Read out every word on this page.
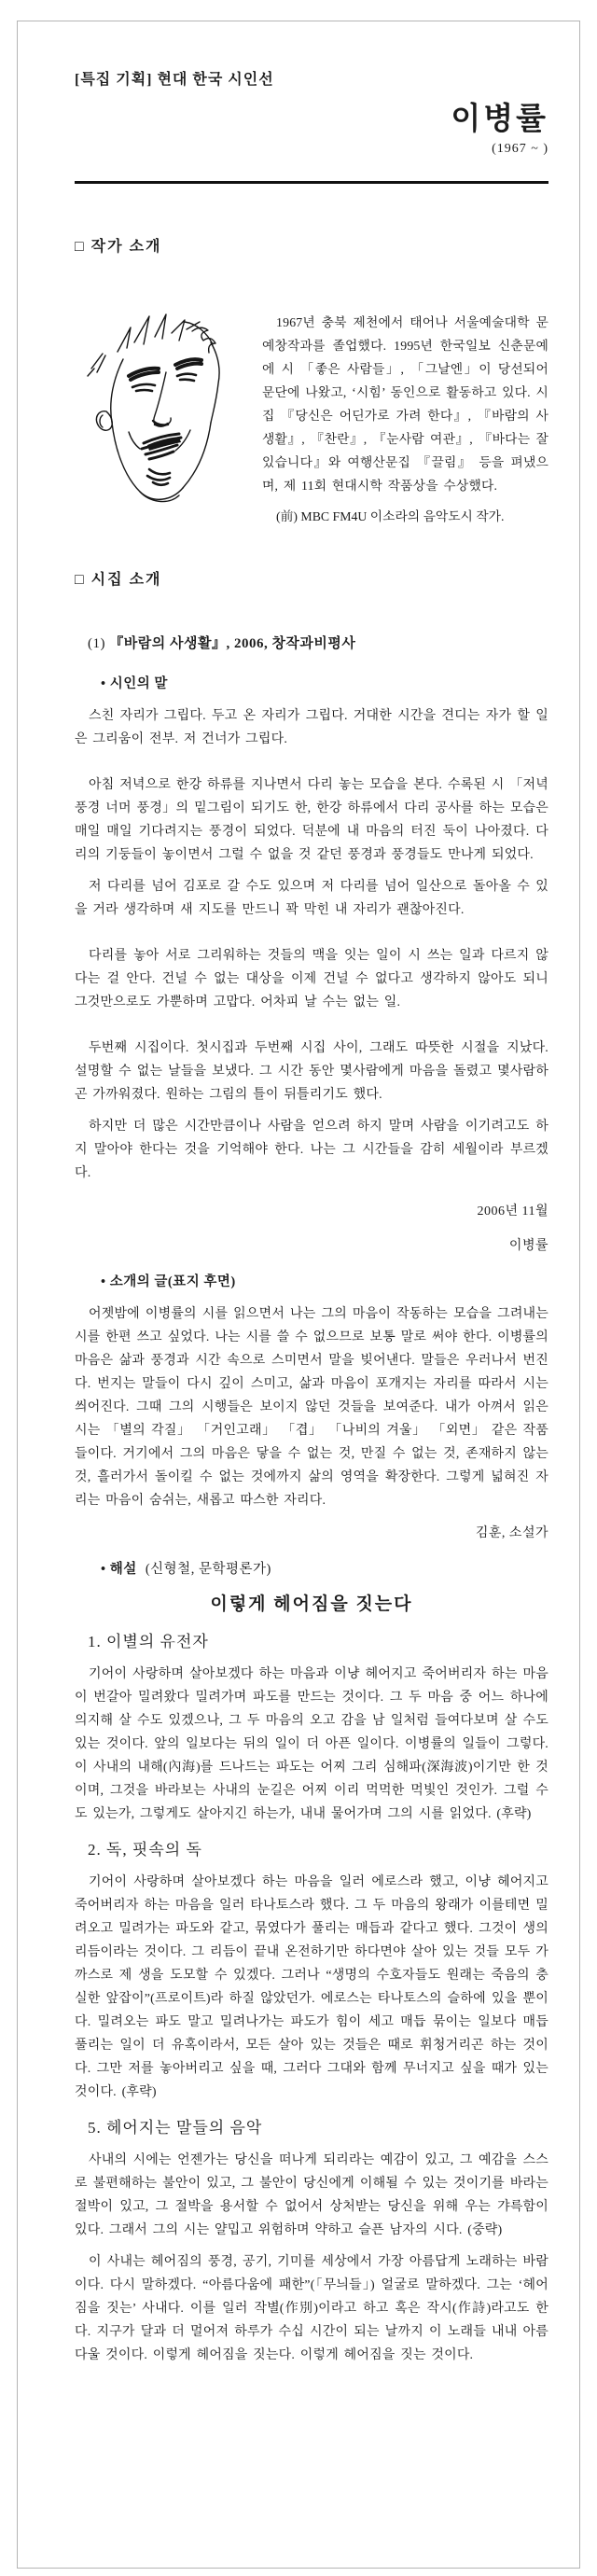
[특집 기획] 현대 한국 시인선
이병률
(1967 ~ )
□ 작가 소개

1967년 충북 제천에서 태어나 서울예술대학 문예창작과를 졸업했다. 1995년 한국일보 신춘문예에 시 「좋은 사람들」, 「그날엔」이 당선되어 문단에 나왔고, ‘시힘’ 동인으로 활동하고 있다. 시집 『당신은 어딘가로 가려 한다』, 『바람의 사생활』, 『찬란』, 『눈사람 여관』, 『바다는 잘 있습니다』와 여행산문집 『끌림』 등을 펴냈으며, 제 11회 현대시학 작품상을 수상했다.

(前) MBC FM4U 이소라의 음악도시 작가.
□ 시집 소개
(1) 『바람의 사생활』, 2006, 창작과비평사
• 시인의 말

스친 자리가 그립다. 두고 온 자리가 그립다. 거대한 시간을 견디는 자가 할 일은 그리움이 전부. 저 건너가 그립다.

아침 저녁으로 한강 하류를 지나면서 다리 놓는 모습을 본다. 수록된 시 「저녁 풍경 너머 풍경」의 밑그림이 되기도 한, 한강 하류에서 다리 공사를 하는 모습은 매일 매일 기다려지는 풍경이 되었다. 덕분에 내 마음의 터진 둑이 나아졌다. 다리의 기둥들이 놓이면서 그럴 수 없을 것 같던 풍경과 풍경들도 만나게 되었다.

저 다리를 넘어 김포로 갈 수도 있으며 저 다리를 넘어 일산으로 돌아올 수 있을 거라 생각하며 새 지도를 만드니 꽉 막힌 내 자리가 괜찮아진다.

다리를 놓아 서로 그리워하는 것들의 맥을 잇는 일이 시 쓰는 일과 다르지 않다는 걸 안다. 건널 수 없는 대상을 이제 건널 수 없다고 생각하지 않아도 되니 그것만으로도 가뿐하며 고맙다. 어차피 날 수는 없는 일.

두번째 시집이다. 첫시집과 두번째 시집 사이, 그래도 따뜻한 시절을 지났다. 설명할 수 없는 날들을 보냈다. 그 시간 동안 몇사람에게 마음을 돌렸고 몇사람하곤 가까워졌다. 원하는 그림의 틀이 뒤틀리기도 했다.

하지만 더 많은 시간만큼이나 사람을 얻으려 하지 말며 사람을 이기려고도 하지 말아야 한다는 것을 기억해야 한다. 나는 그 시간들을 감히 세월이라 부르겠다.

2006년 11월
이병률
• 소개의 글(표지 후면)

어젯밤에 이병률의 시를 읽으면서 나는 그의 마음이 작동하는 모습을 그려내는 시를 한편 쓰고 싶었다. 나는 시를 쓸 수 없으므로 보통 말로 써야 한다. 이병률의 마음은 삶과 풍경과 시간 속으로 스미면서 말을 빚어낸다. 말들은 우러나서 번진다. 번지는 말들이 다시 깊이 스미고, 삶과 마음이 포개지는 자리를 따라서 시는 씌어진다. 그때 그의 시행들은 보이지 않던 것들을 보여준다. 내가 아껴서 읽은 시는 「별의 각질」 「거인고래」 「겹」 「나비의 겨울」 「외면」 같은 작품들이다. 거기에서 그의 마음은 닿을 수 없는 것, 만질 수 없는 것, 존재하지 않는 것, 흘러가서 돌이킬 수 없는 것에까지 삶의 영역을 확장한다. 그렇게 넓혀진 자리는 마음이 숨쉬는, 새롭고 따스한 자리다.

김훈, 소설가
• 해설 (신형철, 문학평론가)
이렇게 헤어짐을 짓는다
1. 이별의 유전자

기어이 사랑하며 살아보겠다 하는 마음과 이냥 헤어지고 죽어버리자 하는 마음이 번갈아 밀려왔다 밀려가며 파도를 만드는 것이다. 그 두 마음 중 어느 하나에 의지해 살 수도 있겠으나, 그 두 마음의 오고 감을 남 일처럼 들여다보며 살 수도 있는 것이다. 앞의 일보다는 뒤의 일이 더 아픈 일이다. 이병률의 일들이 그렇다. 이 사내의 내해(內海)를 드나드는 파도는 어찌 그리 심해파(深海波)이기만 한 것이며, 그것을 바라보는 사내의 눈길은 어찌 이리 먹먹한 먹빛인 것인가. 그럴 수도 있는가, 그렇게도 살아지긴 하는가, 내내 물어가며 그의 시를 읽었다. (후략)

2. 독, 핏속의 독

기어이 사랑하며 살아보겠다 하는 마음을 일러 에로스라 했고, 이냥 헤어지고 죽어버리자 하는 마음을 일러 타나토스라 했다. 그 두 마음의 왕래가 이를테면 밀려오고 밀려가는 파도와 같고, 묶였다가 풀리는 매듭과 같다고 했다. 그것이 생의 리듬이라는 것이다. 그 리듬이 끝내 온전하기만 하다면야 살아 있는 것들 모두 가까스로 제 생을 도모할 수 있겠다. 그러나 “생명의 수호자들도 원래는 죽음의 충실한 앞잡이”(프로이트)라 하질 않았던가. 에로스는 타나토스의 슬하에 있을 뿐이다. 밀려오는 파도 말고 밀려나가는 파도가 힘이 세고 매듭 묶이는 일보다 매듭 풀리는 일이 더 유혹이라서, 모든 살아 있는 것들은 때로 휘청거리곤 하는 것이다. 그만 저를 놓아버리고 싶을 때, 그러다 그대와 함께 무너지고 싶을 때가 있는 것이다. (후략)

5. 헤어지는 말들의 음악

사내의 시에는 언젠가는 당신을 떠나게 되리라는 예감이 있고, 그 예감을 스스로 불편해하는 불안이 있고, 그 불안이 당신에게 이해될 수 있는 것이기를 바라는 절박이 있고, 그 절박을 용서할 수 없어서 상처받는 당신을 위해 우는 갸륵함이 있다. 그래서 그의 시는 얄밉고 위험하며 약하고 슬픈 남자의 시다. (중략)

이 사내는 헤어짐의 풍경, 공기, 기미를 세상에서 가장 아름답게 노래하는 바람이다. 다시 말하겠다. “아름다움에 패한”(「무늬들」) 얼굴로 말하겠다. 그는 ‘헤어짐을 짓는’ 사내다. 이를 일러 작별(作別)이라고 하고 혹은 작시(作詩)라고도 한다. 지구가 달과 더 멀어져 하루가 수십 시간이 되는 날까지 이 노래들 내내 아름다울 것이다. 이렇게 헤어짐을 짓는다. 이렇게 헤어짐을 짓는 것이다.
